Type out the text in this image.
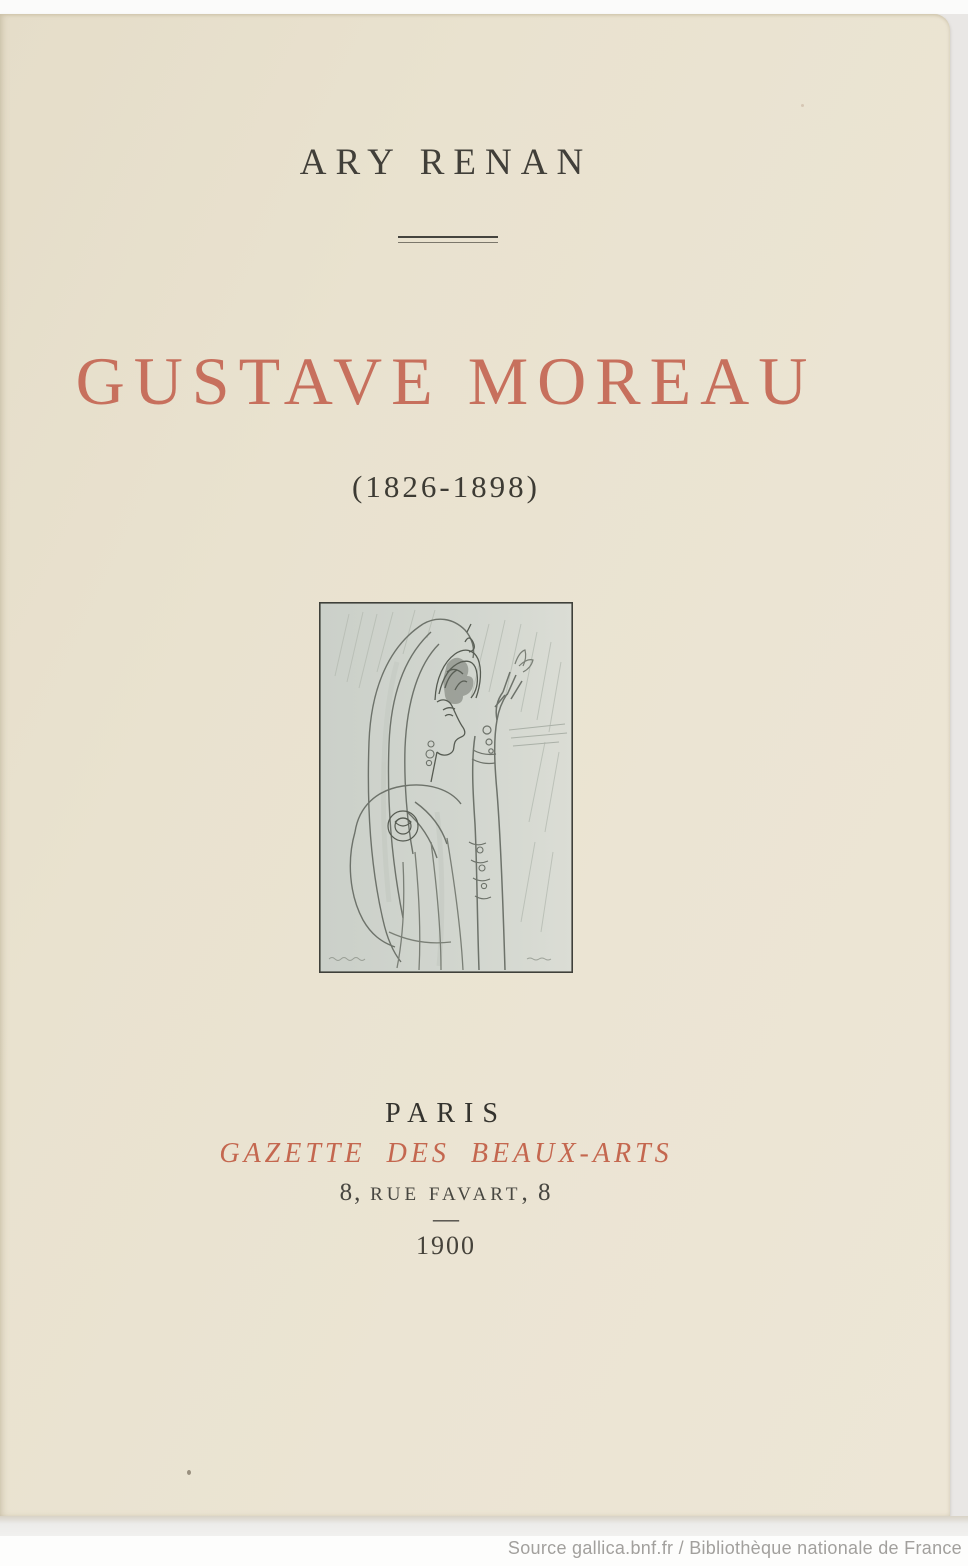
ARY RENAN
GUSTAVE MOREAU
(1826-1898)
PARIS
GAZETTE DES BEAUX-ARTS
8,  RUE FAVART, 8
—
1900
Source gallica.bnf.fr / Bibliothèque nationale de France
